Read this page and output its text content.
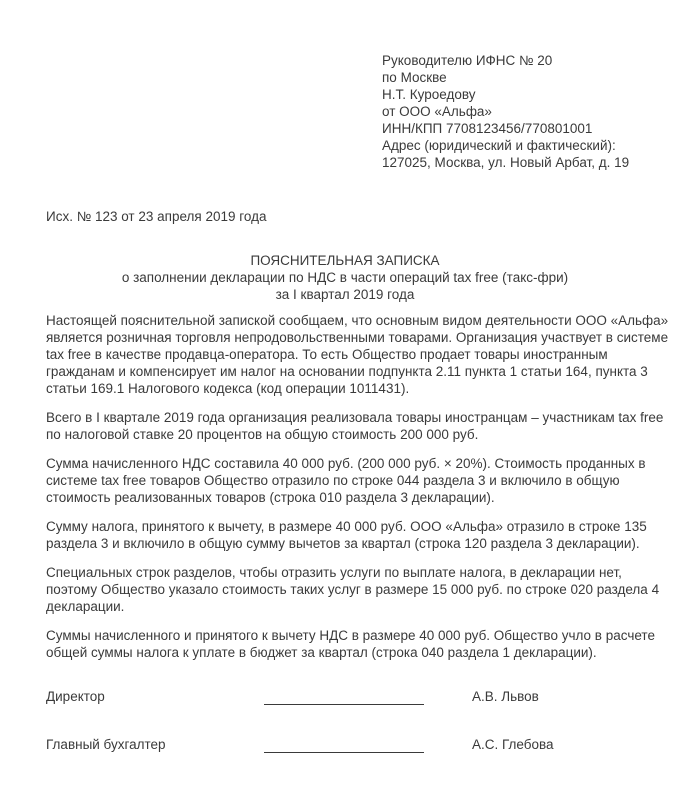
Руководителю ИФНС № 20
по Москве
Н.Т. Куроедову
от ООО «Альфа»
ИНН/КПП 7708123456/770801001
Адрес (юридический и фактический):
127025, Москва, ул. Новый Арбат, д. 19
Исх. № 123 от 23 апреля 2019 года
ПОЯСНИТЕЛЬНАЯ ЗАПИСКА
о заполнении декларации по НДС в части операций tax free (такс-фри)
за I квартал 2019 года

Настоящей пояснительной запиской сообщаем, что основным видом деятельности ООО «Альфа»
является розничная торговля непродовольственными товарами. Организация участвует в системе
tax free в качестве продавца-оператора. То есть Общество продает товары иностранным
гражданам и компенсирует им налог на основании подпункта 2.11 пункта 1 статьи 164, пункта 3
статьи 169.1 Налогового кодекса (код операции 1011431).

Всего в I квартале 2019 года организация реализовала товары иностранцам – участникам tax free
по налоговой ставке 20 процентов на общую стоимость 200 000 руб.

Сумма начисленного НДС составила 40 000 руб. (200 000 руб. × 20%). Стоимость проданных в
системе tax free товаров Общество отразило по строке 044 раздела 3 и включило в общую
стоимость реализованных товаров (строка 010 раздела 3 декларации).

Сумму налога, принятого к вычету, в размере 40 000 руб. ООО «Альфа» отразило в строке 135
раздела 3 и включило в общую сумму вычетов за квартал (строка 120 раздела 3 декларации).

Специальных строк разделов, чтобы отразить услуги по выплате налога, в декларации нет,
поэтому Общество указало стоимость таких услуг в размере 15 000 руб. по строке 020 раздела 4
декларации.

Суммы начисленного и принятого к вычету НДС в размере 40 000 руб. Общество учло в расчете
общей суммы налога к уплате в бюджет за квартал (строка 040 раздела 1 декларации).

Директор	А.В. Львов
Главный бухгалтер	А.С. Глебова
